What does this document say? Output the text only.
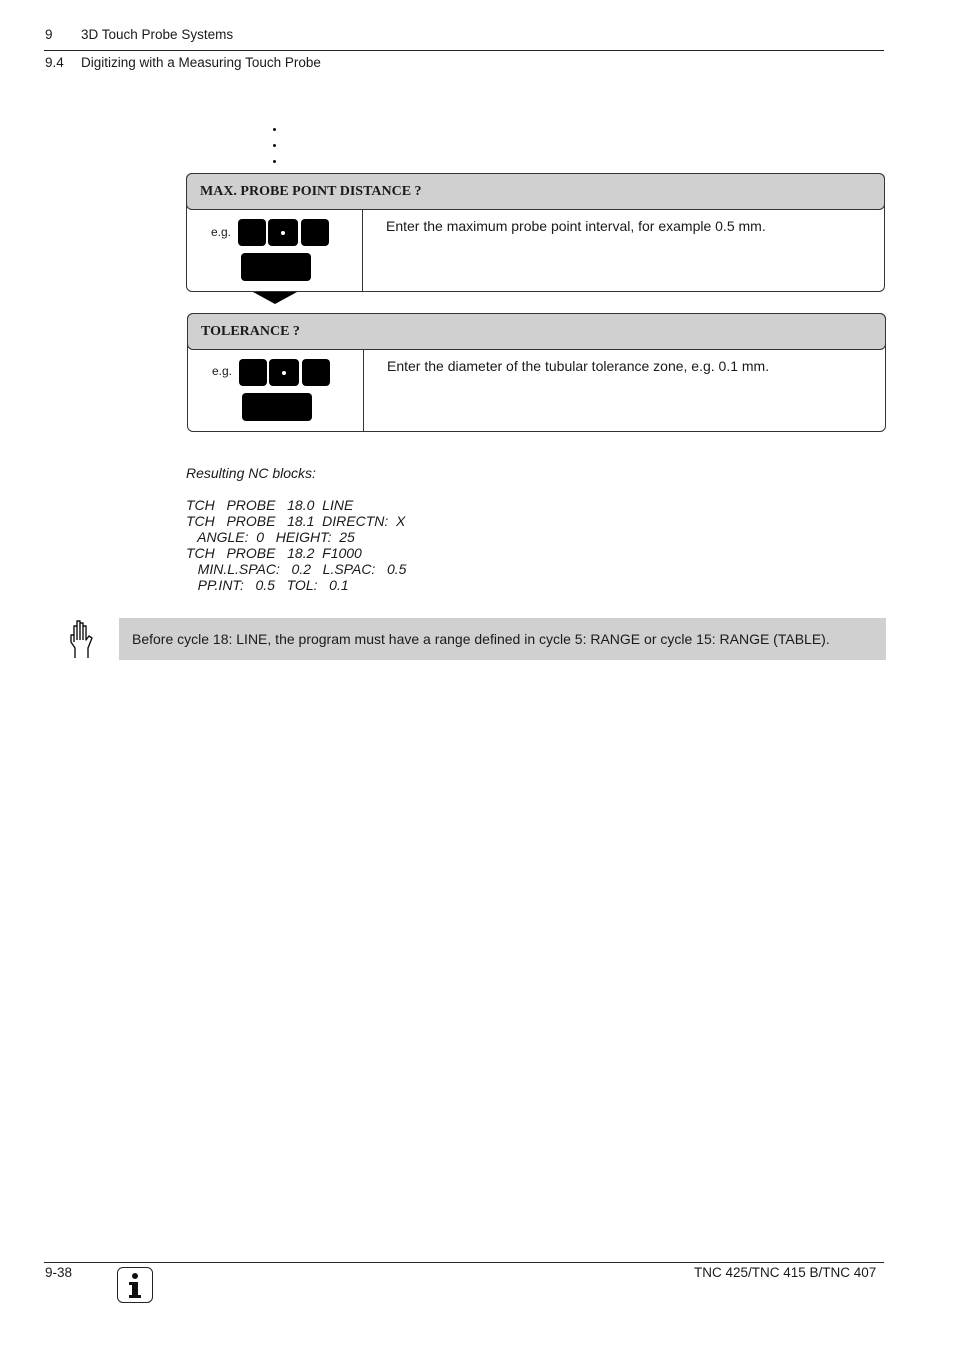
9 3D Touch Probe Systems
9.4 Digitizing with a Measuring Touch Probe
MAX. PROBE POINT DISTANCE ?
e.g.	Enter the maximum probe point interval, for example 0.5 mm.
TOLERANCE ?
e.g.	Enter the diameter of the tubular tolerance zone, e.g. 0.1 mm.
Resulting NC blocks:
TCH   PROBE   18.0  LINE
TCH   PROBE   18.1  DIRECTN:  X
ANGLE:  0   HEIGHT:  25
TCH   PROBE   18.2  F1000
MIN.L.SPAC:   0.2   L.SPAC:   0.5
PP.INT:   0.5   TOL:   0.1
Before cycle 18: LINE, the program must have a range defined in cycle 5: RANGE or cycle 15: RANGE (TABLE).
9-38	TNC 425/TNC 415 B/TNC 407
